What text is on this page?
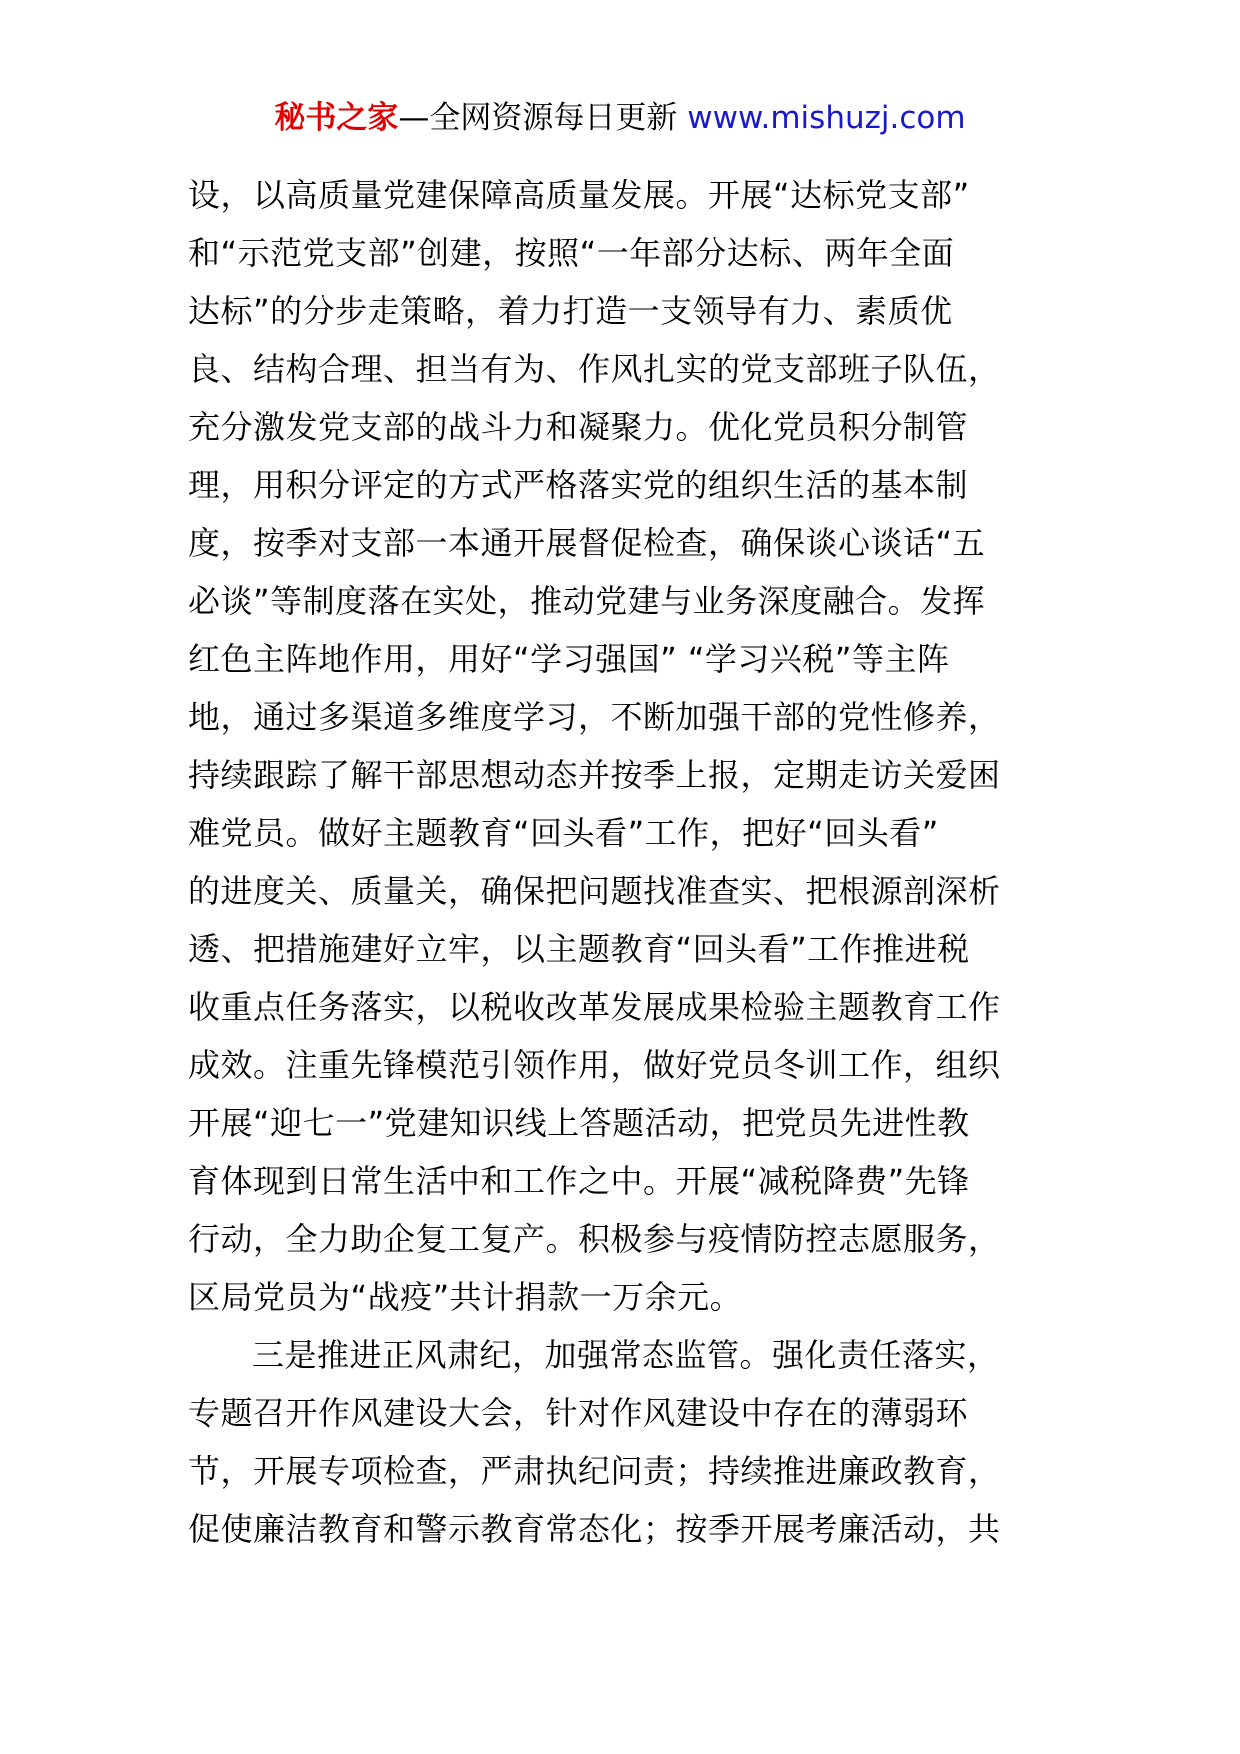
秘书之家—全网资源每日更新 www.mishuzj.com
设，以高质量党建保障高质量发展。开展“达标党支部”
和“示范党支部”创建，按照“一年部分达标、两年全面
达标”的分步走策略，着力打造一支领导有力、素质优
良、结构合理、担当有为、作风扎实的党支部班子队伍，
充分激发党支部的战斗力和凝聚力。优化党员积分制管
理，用积分评定的方式严格落实党的组织生活的基本制
度，按季对支部一本通开展督促检查，确保谈心谈话“五
必谈”等制度落在实处，推动党建与业务深度融合。发挥
红色主阵地作用，用好“学习强国” “学习兴税”等主阵
地，通过多渠道多维度学习，不断加强干部的党性修养，
持续跟踪了解干部思想动态并按季上报，定期走访关爱困
难党员。做好主题教育“回头看”工作，把好“回头看”
的进度关、质量关，确保把问题找准查实、把根源剖深析
透、把措施建好立牢，以主题教育“回头看”工作推进税
收重点任务落实，以税收改革发展成果检验主题教育工作
成效。注重先锋模范引领作用，做好党员冬训工作，组织
开展“迎七一”党建知识线上答题活动，把党员先进性教
育体现到日常生活中和工作之中。开展“减税降费”先锋
行动，全力助企复工复产。积极参与疫情防控志愿服务，
区局党员为“战疫”共计捐款一万余元。
三是推进正风肃纪，加强常态监管。强化责任落实，
专题召开作风建设大会，针对作风建设中存在的薄弱环
节，开展专项检查，严肃执纪问责；持续推进廉政教育，
促使廉洁教育和警示教育常态化；按季开展考廉活动，共
